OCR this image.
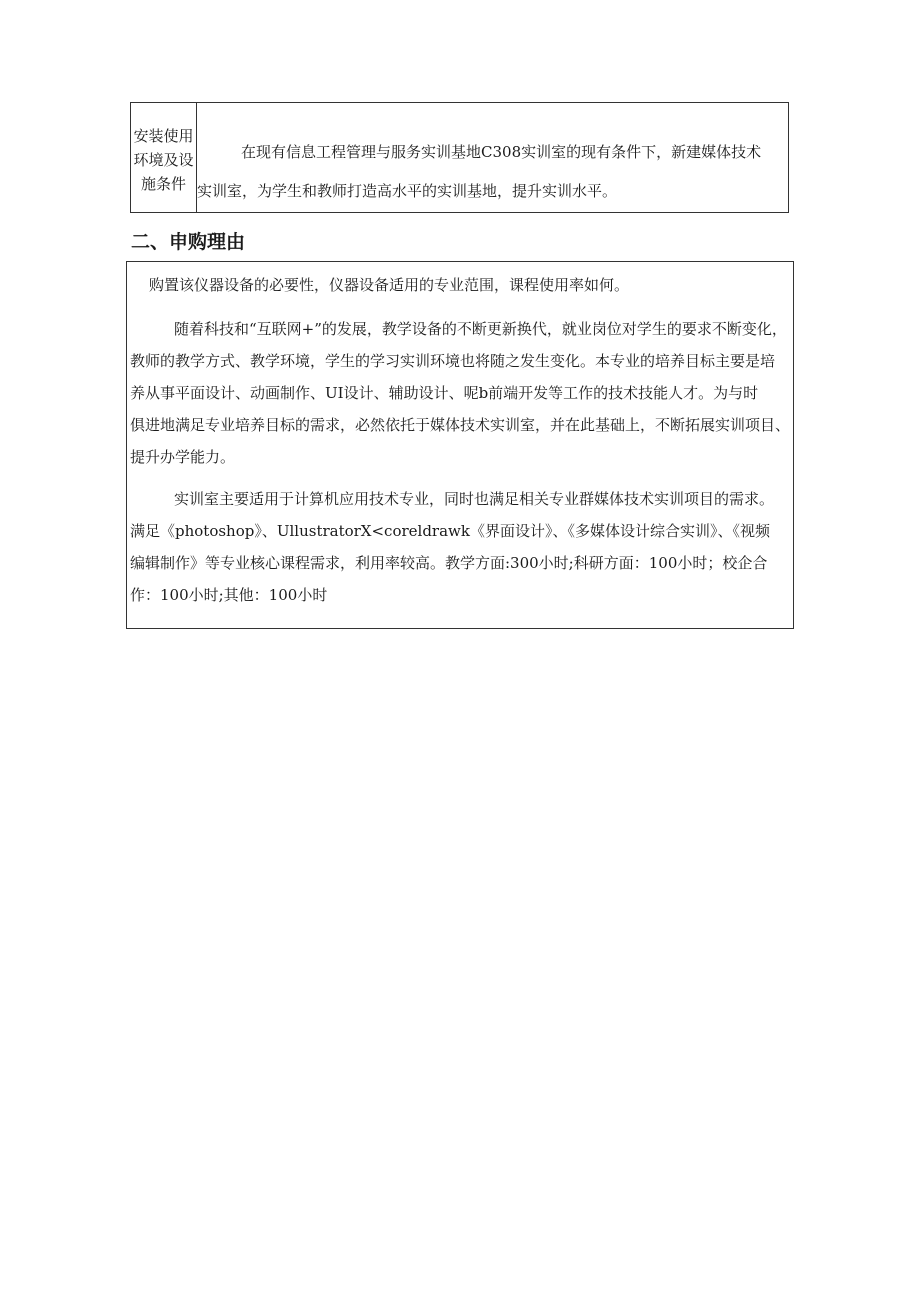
安装使用
环境及设
施条件
在现有信息工程管理与服务实训基地C308实训室的现有条件下，新建媒体技术
实训室，为学生和教师打造高水平的实训基地，提升实训水平。
二、申购理由
购置该仪器设备的必要性，仪器设备适用的专业范围，课程使用率如何。
随着科技和“互联网+”的发展，教学设备的不断更新换代，就业岗位对学生的要求不断变化，
教师的教学方式、教学环境，学生的学习实训环境也将随之发生变化。本专业的培养目标主要是培
养从事平面设计、动画制作、UI设计、辅助设计、呢b前端开发等工作的技术技能人才。为与时
俱进地满足专业培养目标的需求，必然依托于媒体技术实训室，并在此基础上，不断拓展实训项目、
提升办学能力。
实训室主要适用于计算机应用技术专业，同时也满足相关专业群媒体技术实训项目的需求。
满足《photoshop》、UllustratorX<coreldrawk《界面设计》、《多媒体设计综合实训》、《视频
编辑制作》等专业核心课程需求，利用率较高。教学方面:300小时;科研方面：100小时；校企合
作：100小时;其他：100小时
